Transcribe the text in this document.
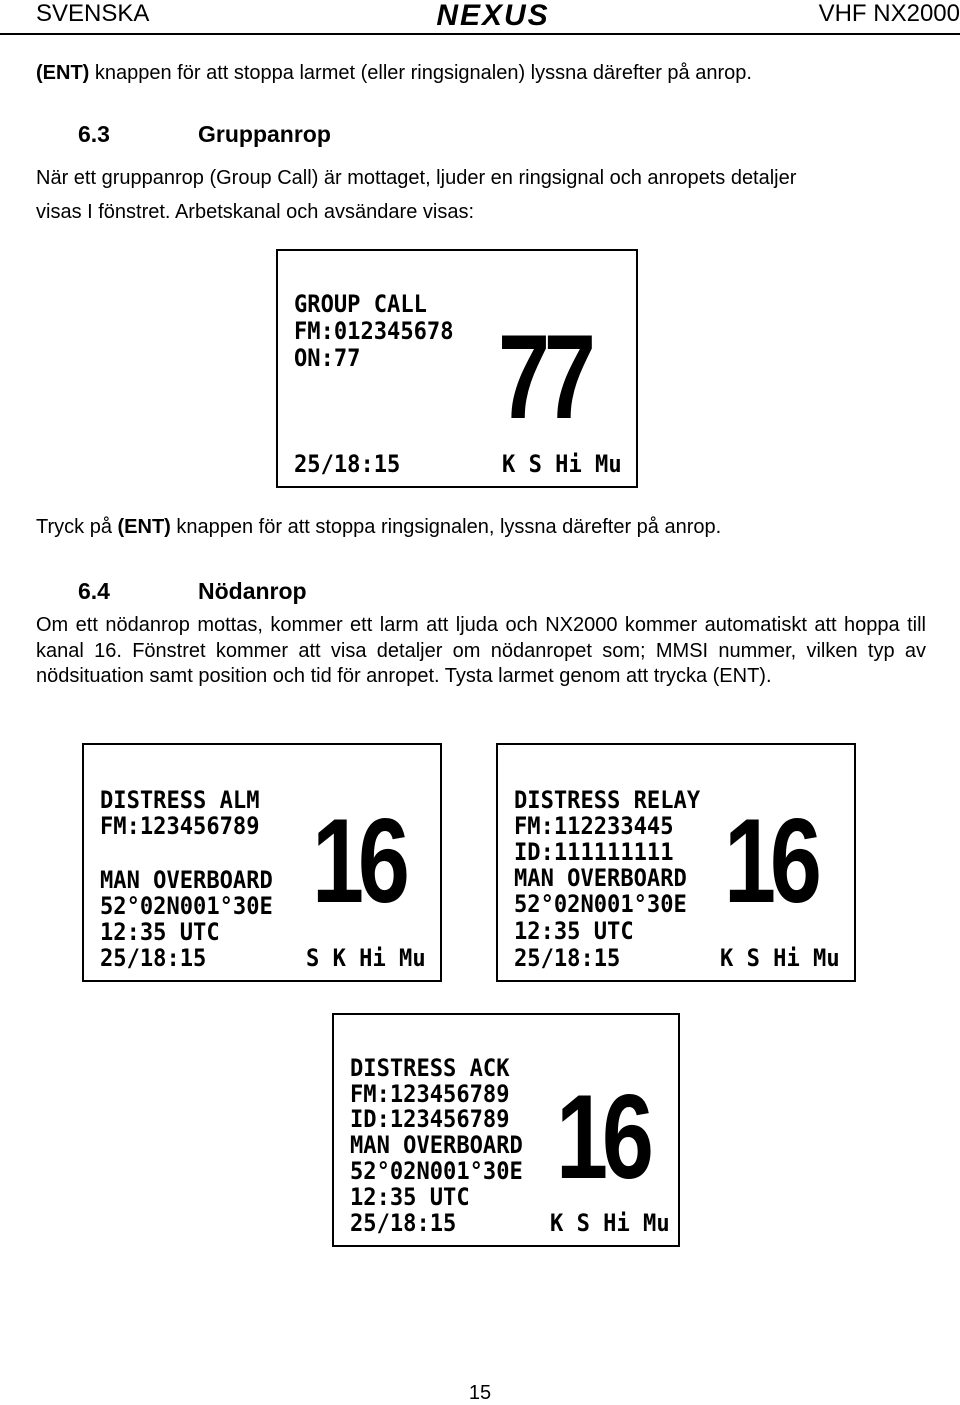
SVENSKA	NEXUS	VHF NX2000
(ENT) knappen för att stoppa larmet (eller ringsignalen) lyssna därefter på anrop.
6.3	Gruppanrop
När ett gruppanrop (Group Call) är mottaget, ljuder en ringsignal och anropets detaljer
visas I fönstret. Arbetskanal och avsändare visas:
GROUP CALL
FM:012345678
ON:77 77
25/18:15	K S Hi Mu
Tryck på (ENT) knappen för att stoppa ringsignalen, lyssna därefter på anrop.
6.4	Nödanrop
Om ett nödanrop mottas, kommer ett larm att ljuda och NX2000 kommer automatiskt att hoppa till kanal 16. Fönstret kommer att visa detaljer om nödanropet som; MMSI nummer, vilken typ av nödsituation samt position och tid för anropet. Tysta larmet genom att trycka (ENT).
DISTRESS ALM
FM:123456789
MAN OVERBOARD
52°02N001°30E
12:35 UTC
25/18:15
16
S K Hi Mu
DISTRESS RELAY
FM:112233445
ID:111111111
MAN OVERBOARD
52°02N001°30E
12:35 UTC
25/18:15
16
K S Hi Mu
DISTRESS ACK
FM:123456789
ID:123456789
MAN OVERBOARD
52°02N001°30E
12:35 UTC
25/18:15
16
K S Hi Mu
15
